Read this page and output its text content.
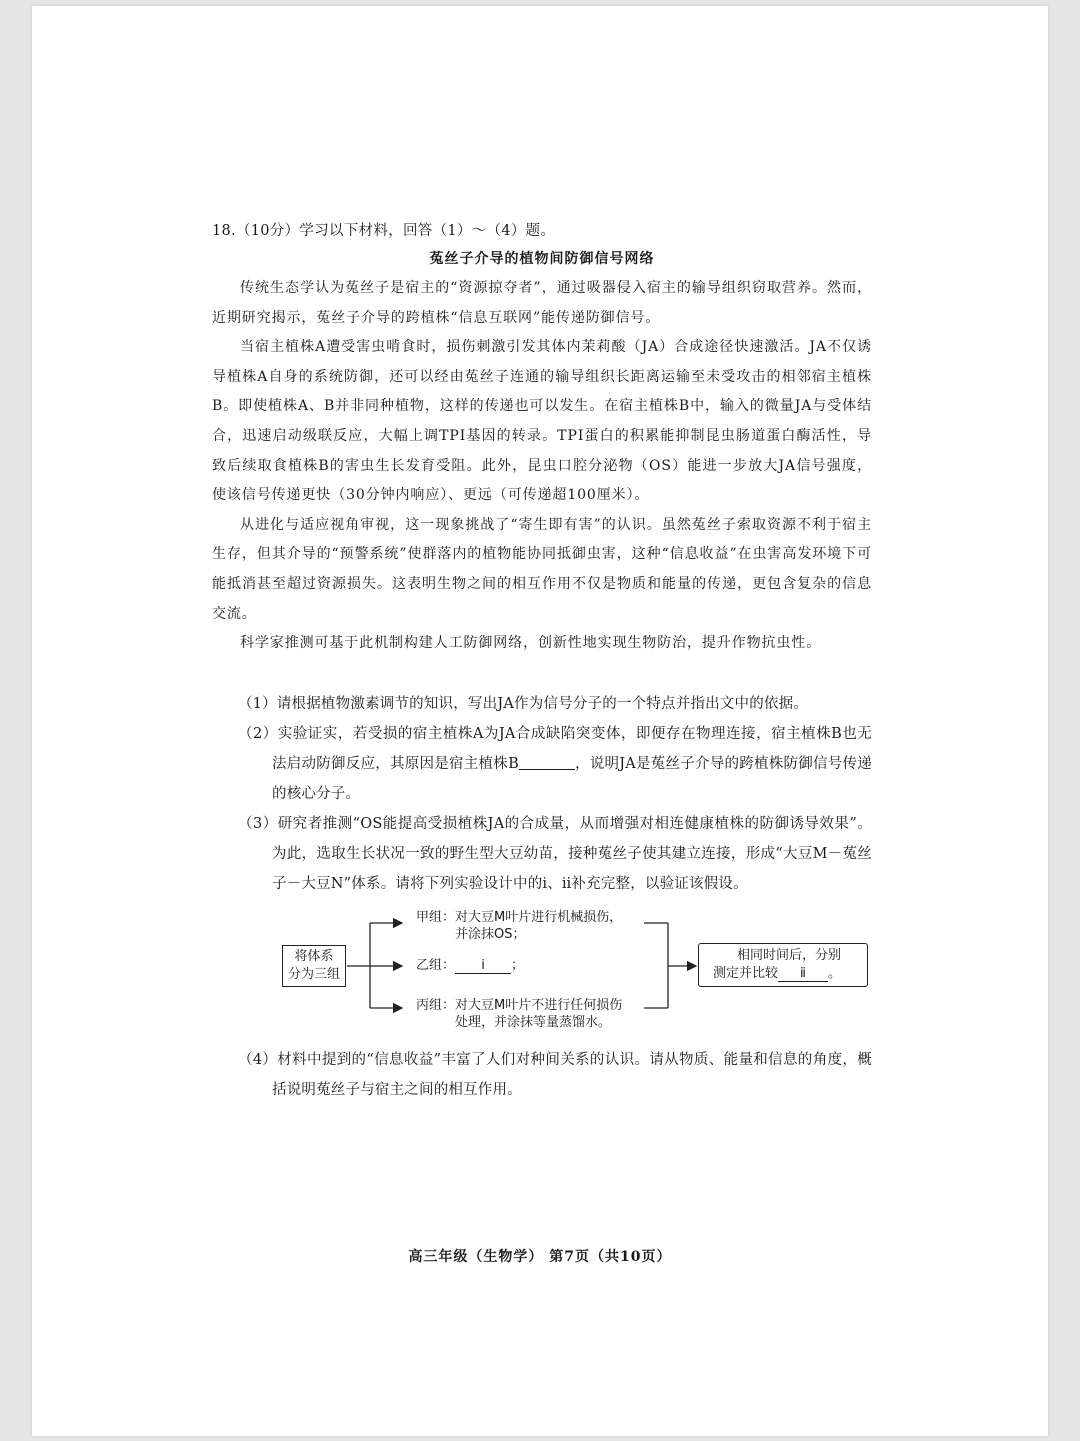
18.（10分）学习以下材料，回答（1）～（4）题。

菟丝子介导的植物间防御信号网络

传统生态学认为菟丝子是宿主的“资源掠夺者”，通过吸器侵入宿主的输导组织窃取营养。然而，近期研究揭示，菟丝子介导的跨植株“信息互联网”能传递防御信号。

当宿主植株A遭受害虫啃食时，损伤刺激引发其体内茉莉酸（JA）合成途径快速激活。JA不仅诱导植株A自身的系统防御，还可以经由菟丝子连通的输导组织长距离运输至未受攻击的相邻宿主植株B。即使植株A、B并非同种植物，这样的传递也可以发生。在宿主植株B中，输入的微量JA与受体结合，迅速启动级联反应，大幅上调TPI基因的转录。TPI蛋白的积累能抑制昆虫肠道蛋白酶活性，导致后续取食植株B的害虫生长发育受阻。此外，昆虫口腔分泌物（OS）能进一步放大JA信号强度，使该信号传递更快（30分钟内响应）、更远（可传递超100厘米）。

从进化与适应视角审视，这一现象挑战了“寄生即有害”的认识。虽然菟丝子索取资源不利于宿主生存，但其介导的“预警系统”使群落内的植物能协同抵御虫害，这种“信息收益”在虫害高发环境下可能抵消甚至超过资源损失。这表明生物之间的相互作用不仅是物质和能量的传递，更包含复杂的信息交流。

科学家推测可基于此机制构建人工防御网络，创新性地实现生物防治，提升作物抗虫性。

（1）请根据植物激素调节的知识，写出JA作为信号分子的一个特点并指出文中的依据。

（2）实验证实，若受损的宿主植株A为JA合成缺陷突变体，即便存在物理连接，宿主植株B也无法启动防御反应，其原因是宿主植株B	，说明JA是菟丝子介导的跨植株防御信号传递的核心分子。

（3）研究者推测“OS能提高受损植株JA的合成量，从而增强对相连健康植株的防御诱导效果”。为此，选取生长状况一致的野生型大豆幼苗，接种菟丝子使其建立连接，形成“大豆M－菟丝子－大豆N”体系。请将下列实验设计中的ⅰ、ⅱ补充完整，以验证该假设。

将体系
分为三组
甲组：对大豆M叶片进行机械损伤，
并涂抹OS；
乙组： ⅰ ；
丙组：对大豆M叶片不进行任何损伤
处理，并涂抹等量蒸馏水。
相同时间后，分别
测定并比较 ⅱ 。

（4）材料中提到的“信息收益”丰富了人们对种间关系的认识。请从物质、能量和信息的角度，概括说明菟丝子与宿主之间的相互作用。

高三年级（生物学） 第7页（共10页）
